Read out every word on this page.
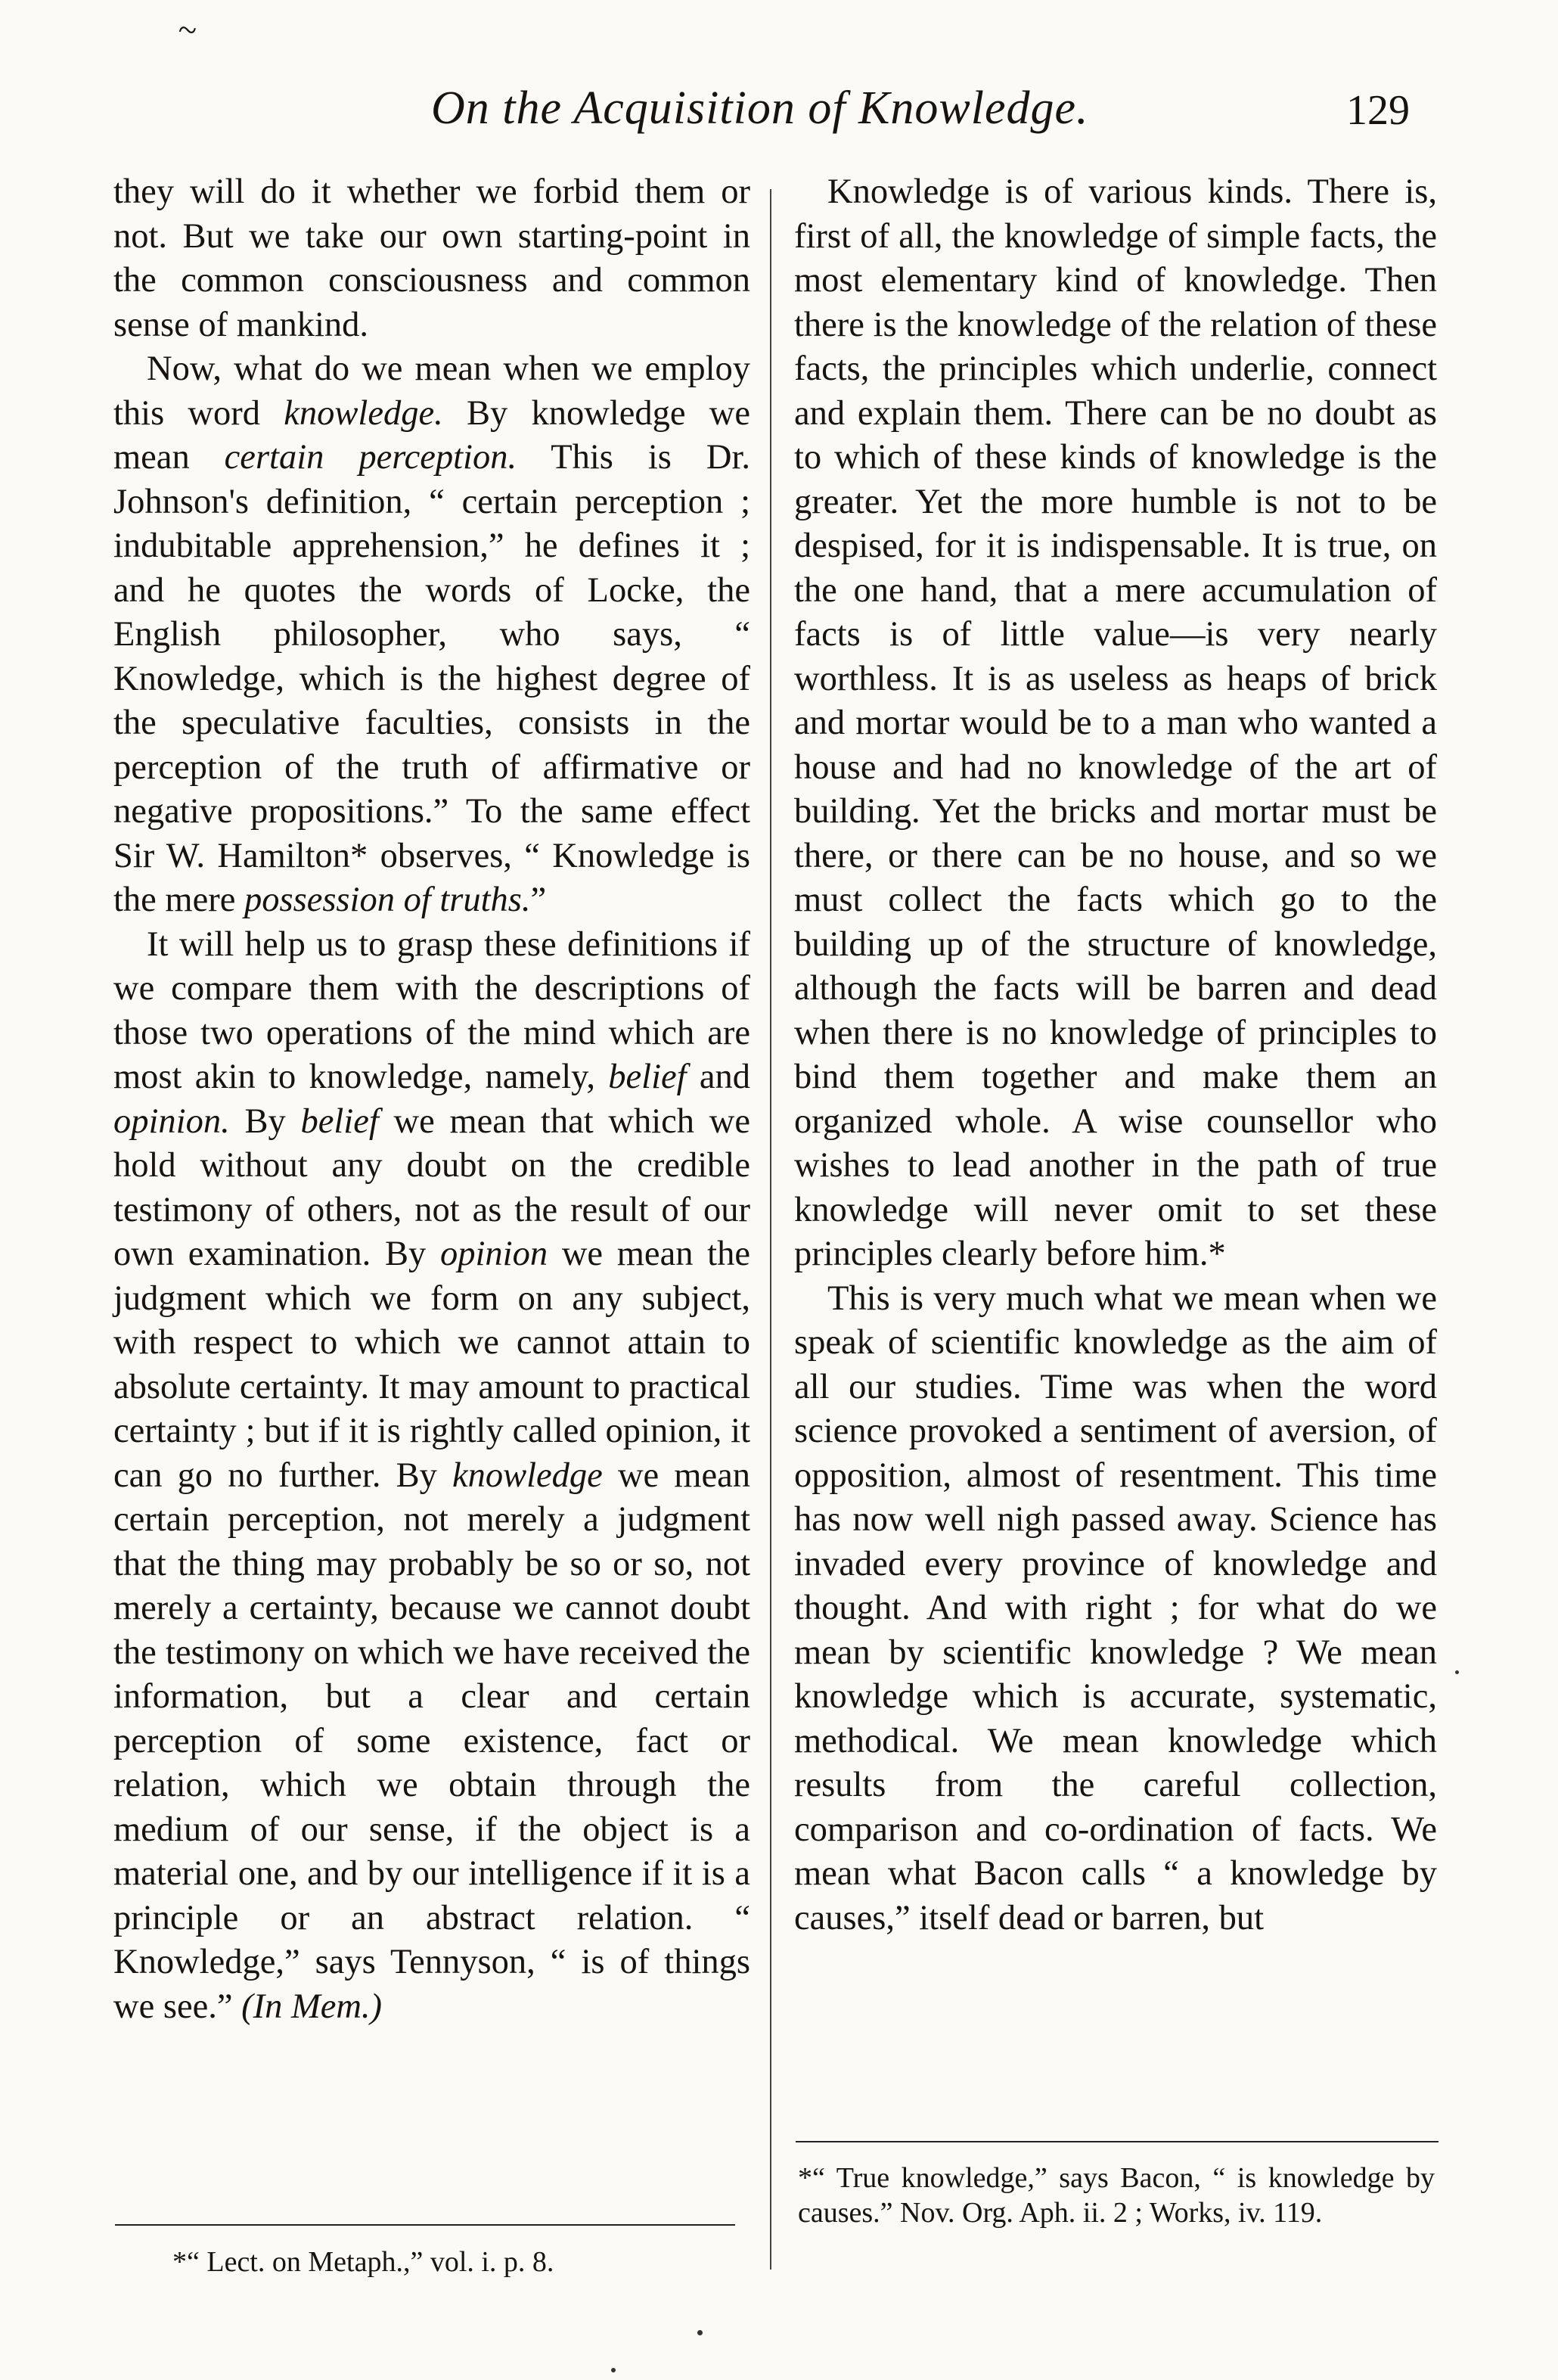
~
On the Acquisition of Knowledge.	129

they will do it whether we forbid them or not. But we take our own starting-point in the common consciousness and common sense of mankind.

Now, what do we mean when we employ this word knowledge. By knowledge we mean certain perception. This is Dr. Johnson's definition, “ certain perception ; indubitable apprehension,” he defines it ; and he quotes the words of Locke, the English philosopher, who says, “ Knowledge, which is the highest degree of the speculative faculties, consists in the perception of the truth of affirmative or negative propositions.” To the same effect Sir W. Hamilton* observes, “ Knowledge is the mere possession of truths.”

It will help us to grasp these definitions if we compare them with the descriptions of those two operations of the mind which are most akin to knowledge, namely, belief and opinion. By belief we mean that which we hold without any doubt on the credible testimony of others, not as the result of our own examination. By opinion we mean the judgment which we form on any subject, with respect to which we cannot attain to absolute certainty. It may amount to practical certainty ; but if it is rightly called opinion, it can go no further. By knowledge we mean certain perception, not merely a judgment that the thing may probably be so or so, not merely a certainty, because we cannot doubt the testimony on which we have received the information, but a clear and certain perception of some existence, fact or relation, which we obtain through the medium of our sense, if the object is a material one, and by our intelligence if it is a principle or an abstract relation. “ Knowledge,” says Tennyson, “ is of things we see.” (In Mem.)

Knowledge is of various kinds. There is, first of all, the knowledge of simple facts, the most elementary kind of knowledge. Then there is the knowledge of the relation of these facts, the principles which underlie, connect and explain them. There can be no doubt as to which of these kinds of knowledge is the greater. Yet the more humble is not to be despised, for it is indispensable. It is true, on the one hand, that a mere accumulation of facts is of little value—is very nearly worthless. It is as useless as heaps of brick and mortar would be to a man who wanted a house and had no knowledge of the art of building. Yet the bricks and mortar must be there, or there can be no house, and so we must collect the facts which go to the building up of the structure of knowledge, although the facts will be barren and dead when there is no knowledge of principles to bind them together and make them an organized whole. A wise counsellor who wishes to lead another in the path of true knowledge will never omit to set these principles clearly before him.*

This is very much what we mean when we speak of scientific knowledge as the aim of all our studies. Time was when the word science provoked a sentiment of aversion, of opposition, almost of resentment. This time has now well nigh passed away. Science has invaded every province of knowledge and thought. And with right ; for what do we mean by scientific knowledge ? We mean knowledge which is accurate, systematic, methodical. We mean knowledge which results from the careful collection, comparison and co-ordination of facts. We mean what Bacon calls “ a knowledge by causes,” itself dead or barren, but

*“ Lect. on Metaph.,” vol. i. p. 8.
*“ True knowledge,” says Bacon, “ is knowledge by causes.” Nov. Org. Aph. ii. 2 ; Works, iv. 119.
